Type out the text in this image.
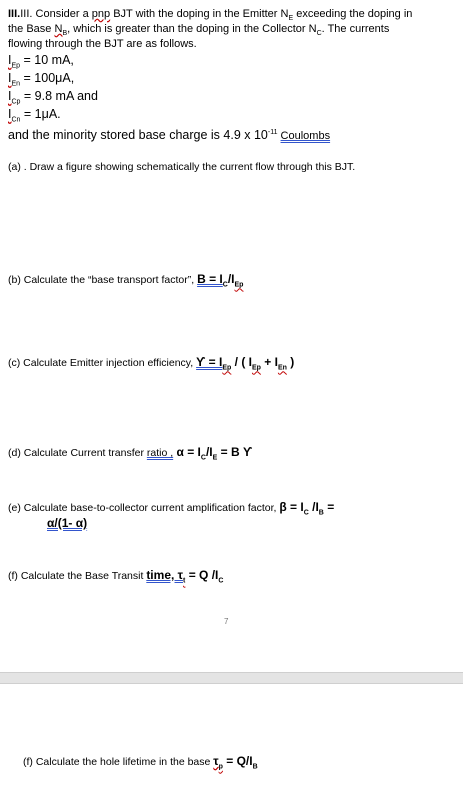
III.III. Consider a pnp BJT with the doping in the Emitter $N_E$ exceeding the doping in
the Base $N_B$, which is greater than the doping in the Collector $N_C$. The currents
flowing through the BJT are as follows.
$I_{Ep} = 10$ mA,
$I_{En} = 100\mu A$,
$I_{Cp} = 9.8$ mA and
$I_{Cn} = 1\mu A$.
and the minority stored base charge is 4.9 x $10^{-11}$ Coulombs
(a) . Draw a figure showing schematically the current flow through this BJT.
(b) Calculate the “base transport factor”, $B = I_C/I_{Ep}$
(c) Calculate Emitter injection efficiency, $ϒ = I_{Ep}$ / ( $I_{Ep} + I_{En}$ )
(d) Calculate Current transfer ratio , $\alpha = I_C/I_E = B$ ϒ
(e) Calculate base-to-collector current amplification factor, $\beta = I_C$ $/I_B$ =
α/(1- α)
(f) Calculate the Base Transit time, $\tau_t = Q$ $/I_C$
7
(f) Calculate the hole lifetime in the base $\tau_p = Q/I_B$
